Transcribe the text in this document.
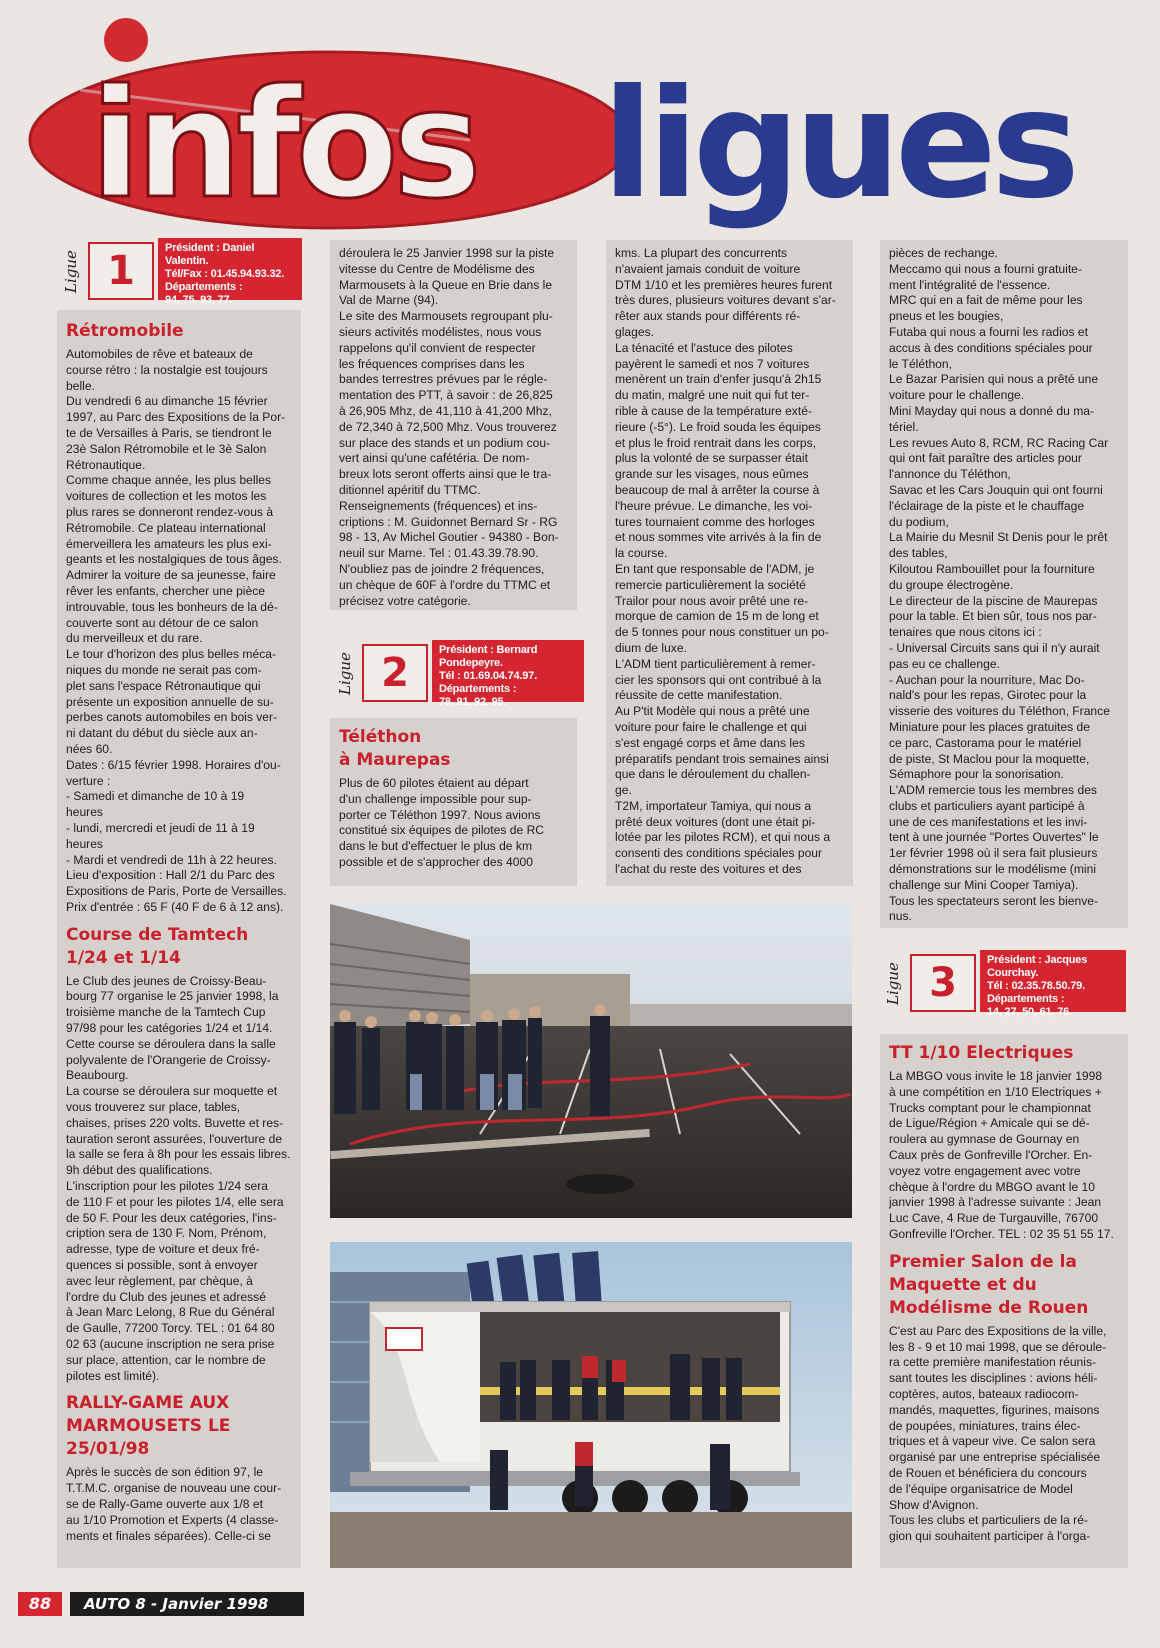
infos ligues
Ligue 1	Président : Daniel Valentin.
Tél/Fax : 01.45.94.93.32.
Départements :
94, 75, 93, 77.
Rétromobile
Automobiles de rêve et bateaux de
course rétro : la nostalgie est toujours
belle.
Du vendredi 6 au dimanche 15 février
1997, au Parc des Expositions de la Por-
te de Versailles à Paris, se tiendront le
23è Salon Rétromobile et le 3è Salon
Rétronautique.
Comme chaque année, les plus belles
voitures de collection et les motos les
plus rares se donneront rendez-vous à
Rétromobile. Ce plateau international
émerveillera les amateurs les plus exi-
geants et les nostalgiques de tous âges.
Admirer la voiture de sa jeunesse, faire
rêver les enfants, chercher une pièce
introuvable, tous les bonheurs de la dé-
couverte sont au détour de ce salon
du merveilleux et du rare.
Le tour d'horizon des plus belles méca-
niques du monde ne serait pas com-
plet sans l'espace Rétronautique qui
présente un exposition annuelle de su-
perbes canots automobiles en bois ver-
ni datant du début du siècle aux an-
nées 60.
Dates : 6/15 février 1998. Horaires d'ou-
verture :
- Samedi et dimanche de 10 à 19
heures
- lundi, mercredi et jeudi de 11 à 19
heures
- Mardi et vendredi de 11h à 22 heures.
Lieu d'exposition : Hall 2/1 du Parc des
Expositions de Paris, Porte de Versailles.
Prix d'entrée : 65 F (40 F de 6 à 12 ans).
Course de Tamtech
1/24 et 1/14
Le Club des jeunes de Croissy-Beau-
bourg 77 organise le 25 janvier 1998, la
troisième manche de la Tamtech Cup
97/98 pour les catégories 1/24 et 1/14.
Cette course se déroulera dans la salle
polyvalente de l'Orangerie de Croissy-
Beaubourg.
La course se déroulera sur moquette et
vous trouverez sur place, tables,
chaises, prises 220 volts. Buvette et res-
tauration seront assurées, l'ouverture de
la salle se fera à 8h pour les essais libres.
9h début des qualifications.
L'inscription pour les pilotes 1/24 sera
de 110 F et pour les pilotes 1/4, elle sera
de 50 F. Pour les deux catégories, l'ins-
cription sera de 130 F. Nom, Prénom,
adresse, type de voiture et deux fré-
quences si possible, sont à envoyer
avec leur règlement, par chèque, à
l'ordre du Club des jeunes et adressé
à Jean Marc Lelong, 8 Rue du Général
de Gaulle, 77200 Torcy. TEL : 01 64 80
02 63 (aucune inscription ne sera prise
sur place, attention, car le nombre de
pilotes est limité).
RALLY-GAME AUX
MARMOUSETS LE
25/01/98
Après le succès de son édition 97, le
T.T.M.C. organise de nouveau une cour-
se de Rally-Game ouverte aux 1/8 et
au 1/10 Promotion et Experts (4 classe-
ments et finales séparées). Celle-ci se
déroulera le 25 Janvier 1998 sur la piste
vitesse du Centre de Modélisme des
Marmousets à la Queue en Brie dans le
Val de Marne (94).
Le site des Marmousets regroupant plu-
sieurs activités modélistes, nous vous
rappelons qu'il convient de respecter
les fréquences comprises dans les
bandes terrestres prévues par le régle-
mentation des PTT, à savoir : de 26,825
à 26,905 Mhz, de 41,110 à 41,200 Mhz,
de 72,340 à 72,500 Mhz. Vous trouverez
sur place des stands et un podium cou-
vert ainsi qu'une cafétéria. De nom-
breux lots seront offerts ainsi que le tra-
ditionnel apéritif du TTMC.
Renseignements (fréquences) et ins-
criptions : M. Guidonnet Bernard Sr - RG
98 - 13, Av Michel Goutier - 94380 - Bon-
neuil sur Marne. Tel : 01.43.39.78.90.
N'oubliez pas de joindre 2 fréquences,
un chèque de 60F à l'ordre du TTMC et
précisez votre catégorie.
Ligue 2	Président : Bernard Pondepeyre.
Tél : 01.69.04.74.97.
Départements :
78, 91, 92, 95.
Téléthon
à Maurepas
Plus de 60 pilotes étaient au départ
d'un challenge impossible pour sup-
porter ce Téléthon 1997. Nous avions
constitué six équipes de pilotes de RC
dans le but d'effectuer le plus de km
possible et de s'approcher des 4000
kms. La plupart des concurrents
n'avaient jamais conduit de voiture
DTM 1/10 et les premières heures furent
très dures, plusieurs voitures devant s'ar-
rêter aux stands pour différents ré-
glages.
La ténacité et l'astuce des pilotes
payèrent le samedi et nos 7 voitures
menèrent un train d'enfer jusqu'à 2h15
du matin, malgré une nuit qui fut ter-
rible à cause de la température exté-
rieure (-5°). Le froid souda les équipes
et plus le froid rentrait dans les corps,
plus la volonté de se surpasser était
grande sur les visages, nous eûmes
beaucoup de mal à arrêter la course à
l'heure prévue. Le dimanche, les voi-
tures tournaient comme des horloges
et nous sommes vite arrivés à la fin de
la course.
En tant que responsable de l'ADM, je
remercie particulièrement la société
Trailor pour nous avoir prêté une re-
morque de camion de 15 m de long et
de 5 tonnes pour nous constituer un po-
dium de luxe.
L'ADM tient particulièrement à remer-
cier les sponsors qui ont contribué à la
réussite de cette manifestation.
Au P'tit Modèle qui nous a prêté une
voiture pour faire le challenge et qui
s'est engagé corps et âme dans les
préparatifs pendant trois semaines ainsi
que dans le déroulement du challen-
ge.
T2M, importateur Tamiya, qui nous a
prêté deux voitures (dont une était pi-
lotée par les pilotes RCM), et qui nous a
consenti des conditions spéciales pour
l'achat du reste des voitures et des
pièces de rechange.
Meccamo qui nous a fourni gratuite-
ment l'intégralité de l'essence.
MRC qui en a fait de même pour les
pneus et les bougies,
Futaba qui nous a fourni les radios et
accus à des conditions spéciales pour
le Téléthon,
Le Bazar Parisien qui nous a prêté une
voiture pour le challenge.
Mini Mayday qui nous a donné du ma-
tériel.
Les revues Auto 8, RCM, RC Racing Car
qui ont fait paraître des articles pour
l'annonce du Téléthon,
Savac et les Cars Jouquin qui ont fourni
l'éclairage de la piste et le chauffage
du podium,
La Mairie du Mesnil St Denis pour le prêt
des tables,
Kiloutou Rambouillet pour la fourniture
du groupe électrogène.
Le directeur de la piscine de Maurepas
pour la table. Et bien sûr, tous nos par-
tenaires que nous citons ici :
- Universal Circuits sans qui il n'y aurait
pas eu ce challenge.
- Auchan pour la nourriture, Mac Do-
nald's pour les repas, Girotec pour la
visserie des voitures du Téléthon, France
Miniature pour les places gratuites de
ce parc, Castorama pour le matériel
de piste, St Maclou pour la moquette,
Sémaphore pour la sonorisation.
L'ADM remercie tous les membres des
clubs et particuliers ayant participé à
une de ces manifestations et les invi-
tent à une journée "Portes Ouvertes" le
1er février 1998 où il sera fait plusieurs
démonstrations sur le modélisme (mini
challenge sur Mini Cooper Tamiya).
Tous les spectateurs seront les bienve-
nus.
Ligue 3	Président : Jacques Courchay.
Tél : 02.35.78.50.79.
Départements :
14, 27, 50, 61, 76.
TT 1/10 Electriques
La MBGO vous invite le 18 janvier 1998
à une compétition en 1/10 Electriques +
Trucks comptant pour le championnat
de Ligue/Région + Amicale qui se dé-
roulera au gymnase de Gournay en
Caux près de Gonfreville l'Orcher. En-
voyez votre engagement avec votre
chèque à l'ordre du MBGO avant le 10
janvier 1998 à l'adresse suivante : Jean
Luc Cave, 4 Rue de Turgauville, 76700
Gonfreville l'Orcher. TEL : 02 35 51 55 17.
Premier Salon de la
Maquette et du
Modélisme de Rouen
C'est au Parc des Expositions de la ville,
les 8 - 9 et 10 mai 1998, que se déroule-
ra cette première manifestation réunis-
sant toutes les disciplines : avions héli-
coptères, autos, bateaux radiocom-
mandés, maquettes, figurines, maisons
de poupées, miniatures, trains élec-
triques et à vapeur vive. Ce salon sera
organisé par une entreprise spécialisée
de Rouen et bénéficiera du concours
de l'équipe organisatrice de Model
Show d'Avignon.
Tous les clubs et particuliers de la ré-
gion qui souhaitent participer à l'orga-
88	AUTO 8 - Janvier 1998
